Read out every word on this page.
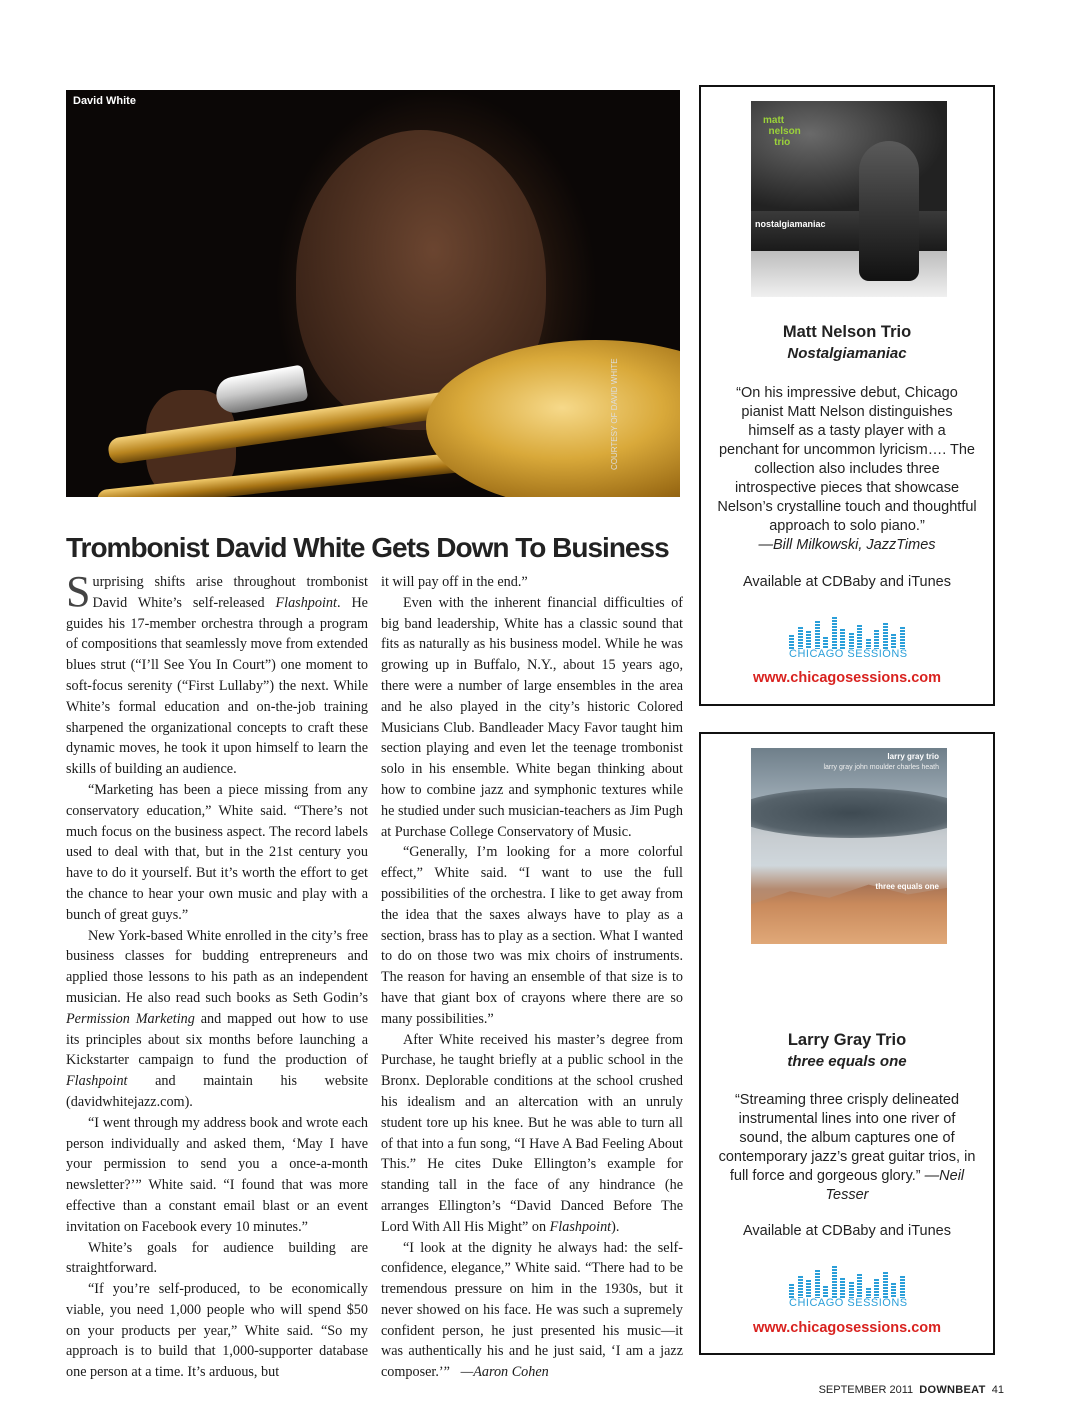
David White
COURTESY OF DAVID WHITE
Trombonist David White Gets Down To Business

Surprising shifts arise throughout trombonist David White’s self-released Flashpoint. He guides his 17-member orchestra through a program of compositions that seamlessly move from extended blues strut (“I’ll See You In Court”) one moment to soft-focus serenity (“First Lullaby”) the next. While White’s formal education and on-the-job training sharpened the organizational concepts to craft these dynamic moves, he took it upon himself to learn the skills of building an audience.

“Marketing has been a piece missing from any conservatory education,” White said. “There’s not much focus on the business aspect. The record labels used to deal with that, but in the 21st century you have to do it yourself. But it’s worth the effort to get the chance to hear your own music and play with a bunch of great guys.”

New York-based White enrolled in the city’s free business classes for budding entrepreneurs and applied those lessons to his path as an independent musician. He also read such books as Seth Godin’s Permission Marketing and mapped out how to use its principles about six months before launching a Kickstarter campaign to fund the production of Flashpoint and maintain his website (davidwhitejazz.com).

“I went through my address book and wrote each person individually and asked them, ‘May I have your permission to send you a once-a-month newsletter?’” White said. “I found that was more effective than a constant email blast or an event invitation on Facebook every 10 minutes.”

White’s goals for audience building are straightforward.

“If you’re self-produced, to be economically viable, you need 1,000 people who will spend $50 on your products per year,” White said. “So my approach is to build that 1,000-supporter database one person at a time. It’s arduous, but

it will pay off in the end.”

Even with the inherent financial difficulties of big band leadership, White has a classic sound that fits as naturally as his business model. While he was growing up in Buffalo, N.Y., about 15 years ago, there were a number of large ensembles in the area and he also played in the city’s historic Colored Musicians Club. Bandleader Macy Favor taught him section playing and even let the teenage trombonist solo in his ensemble. White began thinking about how to combine jazz and symphonic textures while he studied under such musician-teachers as Jim Pugh at Purchase College Conservatory of Music.

“Generally, I’m looking for a more colorful effect,” White said. “I want to use the full possibilities of the orchestra. I like to get away from the idea that the saxes always have to play as a section, brass has to play as a section. What I wanted to do on those two was mix choirs of instruments. The reason for having an ensemble of that size is to have that giant box of crayons where there are so many possibilities.”

After White received his master’s degree from Purchase, he taught briefly at a public school in the Bronx. Deplorable conditions at the school crushed his idealism and an altercation with an unruly student tore up his knee. But he was able to turn all of that into a fun song, “I Have A Bad Feeling About This.” He cites Duke Ellington’s example for standing tall in the face of any hindrance (he arranges Ellington’s “David Danced Before The Lord With All His Might” on Flashpoint).

“I look at the dignity he always had: the self-confidence, elegance,” White said. “There had to be tremendous pressure on him in the 1930s, but it never showed on his face. He was such a supremely confident person, he just presented his music—it was authentically his and he just said, ‘I am a jazz composer.’” —Aaron Cohen

matt
nelson
trio
nostalgiamaniac
Matt Nelson Trio
Nostalgiamaniac
“On his impressive debut, Chicago pianist Matt Nelson distinguishes himself as a tasty player with a penchant for uncommon lyricism…. The collection also includes three introspective pieces that showcase Nelson’s crystalline touch and thoughtful approach to solo piano.”
—Bill Milkowski, JazzTimes
Available at CDBaby and iTunes
CHICAGO SESSIONS
www.chicagosessions.com
larry gray trio
larry gray john moulder charles heath
three equals one
Larry Gray Trio
three equals one
“Streaming three crisply delineated instrumental lines into one river of sound, the album captures one of contemporary jazz’s great guitar trios, in full force and gorgeous glory.” —Neil Tesser
Available at CDBaby and iTunes
CHICAGO SESSIONS
www.chicagosessions.com
SEPTEMBER 2011 DOWNBEAT 41
